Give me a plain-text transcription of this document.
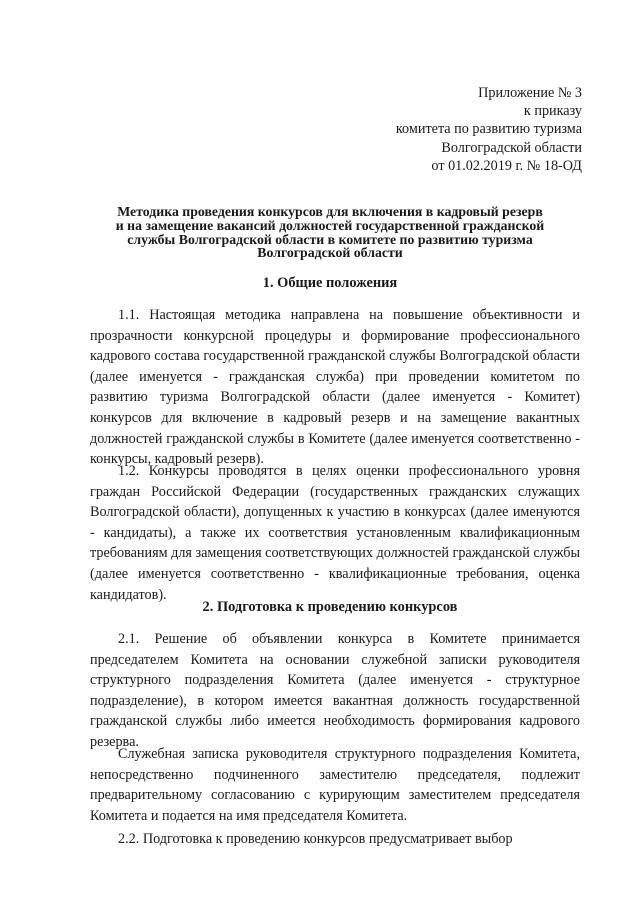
Приложение № 3
к приказу
комитета по развитию туризма
Волгоградской области
от 01.02.2019 г. № 18-ОД
Методика проведения конкурсов для включения в кадровый резерв
и на замещение вакансий должностей государственной гражданской
службы Волгоградской области в комитете по развитию туризма
Волгоградской области
1. Общие положения

1.1. Настоящая методика направлена на повышение объективности и прозрачности конкурсной процедуры и формирование профессионального кадрового состава государственной гражданской службы Волгоградской области (далее именуется - гражданская служба) при проведении комитетом по развитию туризма Волгоградской области (далее именуется - Комитет) конкурсов для включение в кадровый резерв и на замещение вакантных должностей гражданской службы в Комитете (далее именуется соответственно - конкурсы, кадровый резерв).

1.2. Конкурсы проводятся в целях оценки профессионального уровня граждан Российской Федерации (государственных гражданских служащих Волгоградской области), допущенных к участию в конкурсах (далее именуются - кандидаты), а также их соответствия установленным квалификационным требованиям для замещения соответствующих должностей гражданской службы (далее именуется соответственно - квалификационные требования, оценка кандидатов).

2. Подготовка к проведению конкурсов

2.1. Решение об объявлении конкурса в Комитете принимается председателем Комитета на основании служебной записки руководителя структурного подразделения Комитета (далее именуется - структурное подразделение), в котором имеется вакантная должность государственной гражданской службы либо имеется необходимость формирования кадрового резерва.

Служебная записка руководителя структурного подразделения Комитета, непосредственно подчиненного заместителю председателя, подлежит предварительному согласованию с курирующим заместителем председателя Комитета и подается на имя председателя Комитета.

2.2. Подготовка к проведению конкурсов предусматривает выбор
